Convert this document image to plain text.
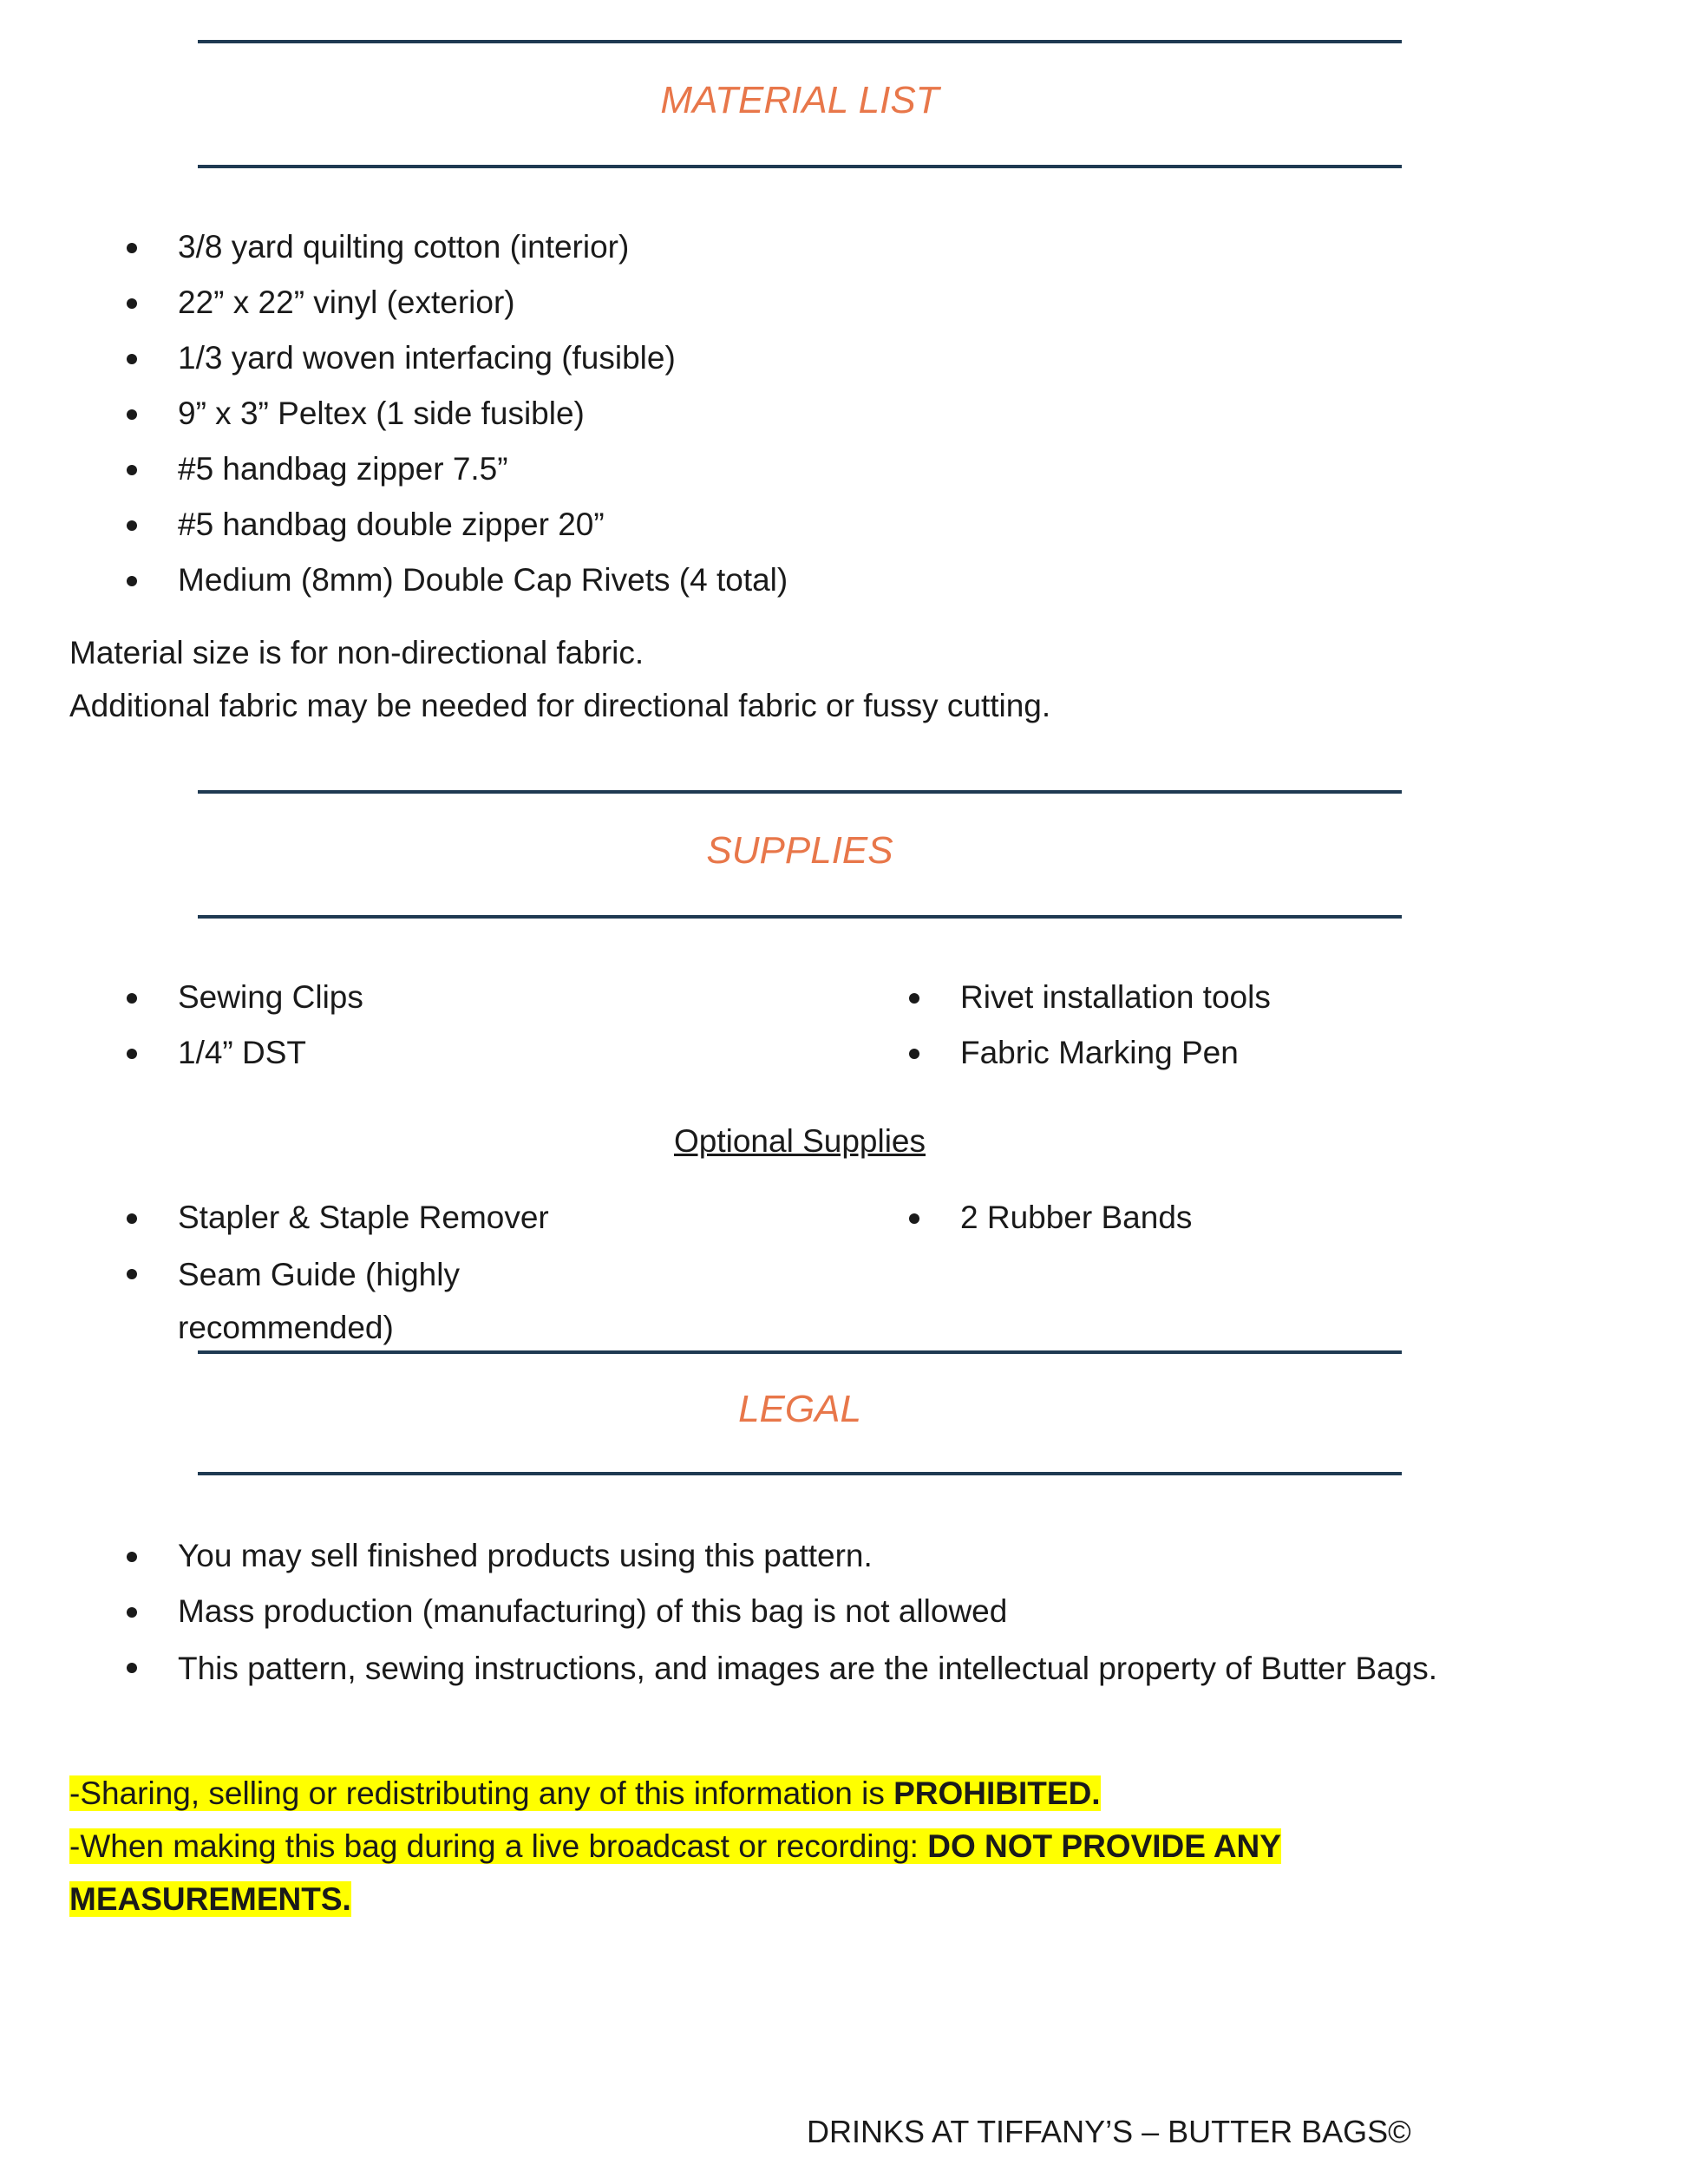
MATERIAL LIST
3/8 yard quilting cotton (interior)
22” x 22” vinyl (exterior)
1/3 yard woven interfacing (fusible)
9” x 3” Peltex (1 side fusible)
#5 handbag zipper 7.5”
#5 handbag double zipper 20”
Medium (8mm) Double Cap Rivets (4 total)

Material size is for non-directional fabric.

Additional fabric may be needed for directional fabric or fussy cutting.

SUPPLIES
Sewing Clips
1/4” DST
Rivet installation tools
Fabric Marking Pen
Optional Supplies
Stapler & Staple Remover
Seam Guide (highly recommended)
2 Rubber Bands
LEGAL
You may sell finished products using this pattern.
Mass production (manufacturing) of this bag is not allowed
This pattern, sewing instructions, and images are the intellectual property of Butter Bags.

-Sharing, selling or redistributing any of this information is PROHIBITED.

-When making this bag during a live broadcast or recording: DO NOT PROVIDE ANY MEASUREMENTS.

DRINKS AT TIFFANY’S – BUTTER BAGS©
